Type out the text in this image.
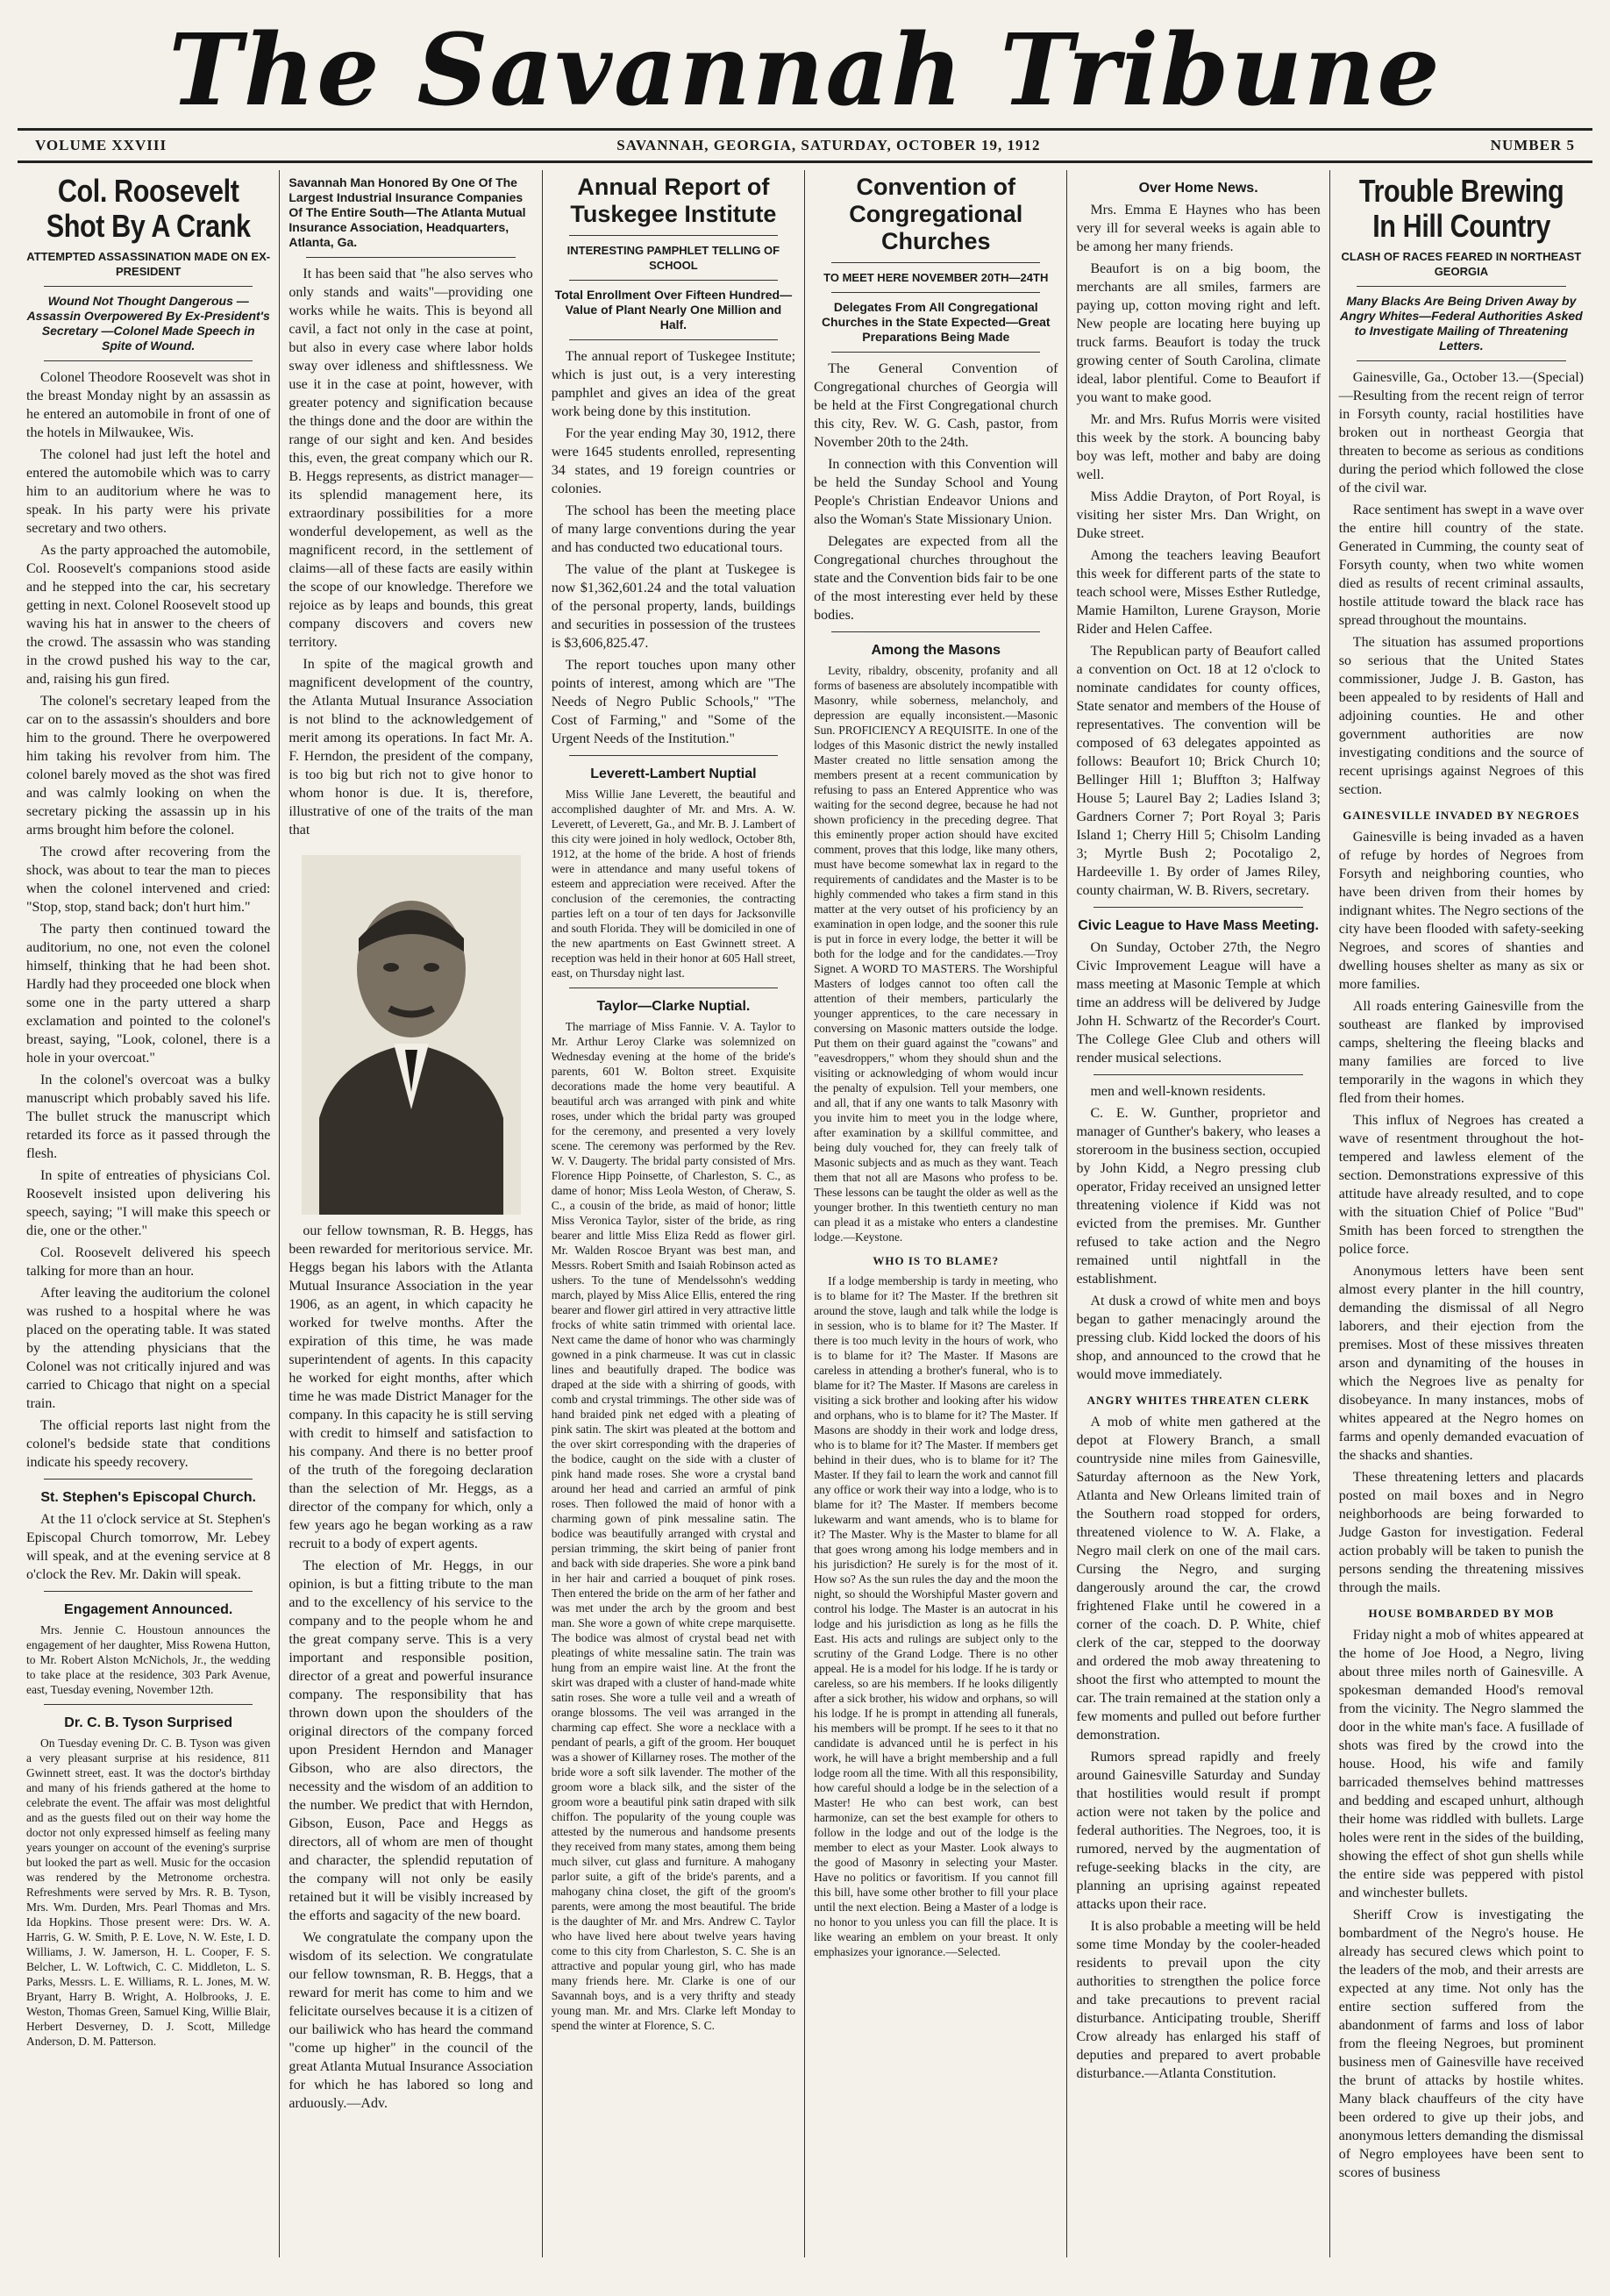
The Savannah Tribune
VOLUME XXVIII	SAVANNAH, GEORGIA, SATURDAY, OCTOBER 19, 1912	NUMBER 5
Col. Roosevelt Shot By A Crank
ATTEMPTED ASSASSINATION MADE ON EX-PRESIDENT
Wound Not Thought Dangerous — Assassin Overpowered By Ex-President's Secretary —Colonel Made Speech in Spite of Wound.

Colonel Theodore Roosevelt was shot in the breast Monday night by an assassin as he entered an automobile in front of one of the hotels in Milwaukee, Wis.

The colonel had just left the hotel and entered the automobile which was to carry him to an auditorium where he was to speak. In his party were his private secretary and two others.

As the party approached the automobile, Col. Roosevelt's companions stood aside and he stepped into the car, his secretary getting in next. Colonel Roosevelt stood up waving his hat in answer to the cheers of the crowd. The assassin who was standing in the crowd pushed his way to the car, and, raising his gun fired.

The colonel's secretary leaped from the car on to the assassin's shoulders and bore him to the ground. There he overpowered him taking his revolver from him. The colonel barely moved as the shot was fired and was calmly looking on when the secretary picking the assassin up in his arms brought him before the colonel.

The crowd after recovering from the shock, was about to tear the man to pieces when the colonel intervened and cried: "Stop, stop, stand back; don't hurt him."

The party then continued toward the auditorium, no one, not even the colonel himself, thinking that he had been shot. Hardly had they proceeded one block when some one in the party uttered a sharp exclamation and pointed to the colonel's breast, saying, "Look, colonel, there is a hole in your overcoat."

In the colonel's overcoat was a bulky manuscript which probably saved his life. The bullet struck the manuscript which retarded its force as it passed through the flesh.

In spite of entreaties of physicians Col. Roosevelt insisted upon delivering his speech, saying; "I will make this speech or die, one or the other."

Col. Roosevelt delivered his speech talking for more than an hour.

After leaving the auditorium the colonel was rushed to a hospital where he was placed on the operating table. It was stated by the attending physicians that the Colonel was not critically injured and was carried to Chicago that night on a special train.

The official reports last night from the colonel's bedside state that conditions indicate his speedy recovery.

St. Stephen's Episcopal Church.

At the 11 o'clock service at St. Stephen's Episcopal Church tomorrow, Mr. Lebey will speak, and at the evening service at 8 o'clock the Rev. Mr. Dakin will speak.

Engagement Announced.

Mrs. Jennie C. Houstoun announces the engagement of her daughter, Miss Rowena Hutton, to Mr. Robert Alston McNichols, Jr., the wedding to take place at the residence, 303 Park Avenue, east, Tuesday evening, November 12th.

Dr. C. B. Tyson Surprised

On Tuesday evening Dr. C. B. Tyson was given a very pleasant surprise at his residence, 811 Gwinnett street, east. It was the doctor's birthday and many of his friends gathered at the home to celebrate the event. The affair was most delightful and as the guests filed out on their way home the doctor not only expressed himself as feeling many years younger on account of the evening's surprise but looked the part as well. Music for the occasion was rendered by the Metronome orchestra. Refreshments were served by Mrs. R. B. Tyson, Mrs. Wm. Durden, Mrs. Pearl Thomas and Mrs. Ida Hopkins. Those present were: Drs. W. A. Harris, G. W. Smith, P. E. Love, N. W. Este, I. D. Williams, J. W. Jamerson, H. L. Cooper, F. S. Belcher, L. W. Loftwich, C. C. Middleton, L. S. Parks, Messrs. L. E. Williams, R. L. Jones, M. W. Bryant, Harry B. Wright, A. Holbrooks, J. E. Weston, Thomas Green, Samuel King, Willie Blair, Herbert Desverney, D. J. Scott, Milledge Anderson, D. M. Patterson.

Savannah Man Honored By One Of The Largest Industrial Insurance Companies Of The Entire South—The Atlanta Mutual Insurance Association, Headquarters, Atlanta, Ga.

It has been said that "he also serves who only stands and waits"—providing one works while he waits. This is beyond all cavil, a fact not only in the case at point, but also in every case where labor holds sway over idleness and shiftlessness. We use it in the case at point, however, with greater potency and signification because the things done and the door are within the range of our sight and ken. And besides this, even, the great company which our R. B. Heggs represents, as district manager—its splendid management here, its extraordinary possibilities for a more wonderful developement, as well as the magnificent record, in the settlement of claims—all of these facts are easily within the scope of our knowledge. Therefore we rejoice as by leaps and bounds, this great company discovers and covers new territory.

In spite of the magical growth and magnificent development of the country, the Atlanta Mutual Insurance Association is not blind to the acknowledgement of merit among its operations. In fact Mr. A. F. Herndon, the president of the company, is too big but rich not to give honor to whom honor is due. It is, therefore, illustrative of one of the traits of the man that

our fellow townsman, R. B. Heggs, has been rewarded for meritorious service. Mr. Heggs began his labors with the Atlanta Mutual Insurance Association in the year 1906, as an agent, in which capacity he worked for twelve months. After the expiration of this time, he was made superintendent of agents. In this capacity he worked for eight months, after which time he was made District Manager for the company. In this capacity he is still serving with credit to himself and satisfaction to his company. And there is no better proof of the truth of the foregoing declaration than the selection of Mr. Heggs, as a director of the company for which, only a few years ago he began working as a raw recruit to a body of expert agents.

The election of Mr. Heggs, in our opinion, is but a fitting tribute to the man and to the excellency of his service to the company and to the people whom he and the great company serve. This is a very important and responsible position, director of a great and powerful insurance company. The responsibility that has thrown down upon the shoulders of the original directors of the company forced upon President Herndon and Manager Gibson, who are also directors, the necessity and the wisdom of an addition to the number. We predict that with Herndon, Gibson, Euson, Pace and Heggs as directors, all of whom are men of thought and character, the splendid reputation of the company will not only be easily retained but it will be visibly increased by the efforts and sagacity of the new board.

We congratulate the company upon the wisdom of its selection. We congratulate our fellow townsman, R. B. Heggs, that a reward for merit has come to him and we felicitate ourselves because it is a citizen of our bailiwick who has heard the command "come up higher" in the council of the great Atlanta Mutual Insurance Association for which he has labored so long and arduously.—Adv.

Annual Report of Tuskegee Institute
INTERESTING PAMPHLET TELLING OF SCHOOL
Total Enrollment Over Fifteen Hundred—Value of Plant Nearly One Million and Half.

The annual report of Tuskegee Institute; which is just out, is a very interesting pamphlet and gives an idea of the great work being done by this institution.

For the year ending May 30, 1912, there were 1645 students enrolled, representing 34 states, and 19 foreign countries or colonies.

The school has been the meeting place of many large conventions during the year and has conducted two educational tours.

The value of the plant at Tuskegee is now $1,362,601.24 and the total valuation of the personal property, lands, buildings and securities in possession of the trustees is $3,606,825.47.

The report touches upon many other points of interest, among which are "The Needs of Negro Public Schools," "The Cost of Farming," and "Some of the Urgent Needs of the Institution."

Leverett-Lambert Nuptial

Miss Willie Jane Leverett, the beautiful and accomplished daughter of Mr. and Mrs. A. W. Leverett, of Leverett, Ga., and Mr. B. J. Lambert of this city were joined in holy wedlock, October 8th, 1912, at the home of the bride. A host of friends were in attendance and many useful tokens of esteem and appreciation were received. After the conclusion of the ceremonies, the contracting parties left on a tour of ten days for Jacksonville and south Florida. They will be domiciled in one of the new apartments on East Gwinnett street. A reception was held in their honor at 605 Hall street, east, on Thursday night last.

Taylor—Clarke Nuptial.

The marriage of Miss Fannie. V. A. Taylor to Mr. Arthur Leroy Clarke was solemnized on Wednesday evening at the home of the bride's parents, 601 W. Bolton street. Exquisite decorations made the home very beautiful. A beautiful arch was arranged with pink and white roses, under which the bridal party was grouped for the ceremony, and presented a very lovely scene. The ceremony was performed by the Rev. W. V. Daugerty. The bridal party consisted of Mrs. Florence Hipp Poinsette, of Charleston, S. C., as dame of honor; Miss Leola Weston, of Cheraw, S. C., a cousin of the bride, as maid of honor; little Miss Veronica Taylor, sister of the bride, as ring bearer and little Miss Eliza Redd as flower girl. Mr. Walden Roscoe Bryant was best man, and Messrs. Robert Smith and Isaiah Robinson acted as ushers. To the tune of Mendelssohn's wedding march, played by Miss Alice Ellis, entered the ring bearer and flower girl attired in very attractive little frocks of white satin trimmed with oriental lace. Next came the dame of honor who was charmingly gowned in a pink charmeuse. It was cut in classic lines and beautifully draped. The bodice was draped at the side with a shirring of goods, with comb and crystal trimmings. The other side was of hand braided pink net edged with a pleating of pink satin. The skirt was pleated at the bottom and the over skirt corresponding with the draperies of the bodice, caught on the side with a cluster of pink hand made roses. She wore a crystal band around her head and carried an armful of pink roses. Then followed the maid of honor with a charming gown of pink messaline satin. The bodice was beautifully arranged with crystal and persian trimming, the skirt being of panier front and back with side draperies. She wore a pink band in her hair and carried a bouquet of pink roses. Then entered the bride on the arm of her father and was met under the arch by the groom and best man. She wore a gown of white crepe marquisette. The bodice was almost of crystal bead net with pleatings of white messaline satin. The train was hung from an empire waist line. At the front the skirt was draped with a cluster of hand-made white satin roses. She wore a tulle veil and a wreath of orange blossoms. The veil was arranged in the charming cap effect. She wore a necklace with a pendant of pearls, a gift of the groom. Her bouquet was a shower of Killarney roses. The mother of the bride wore a soft silk lavender. The mother of the groom wore a black silk, and the sister of the groom wore a beautiful pink satin draped with silk chiffon. The popularity of the young couple was attested by the numerous and handsome presents they received from many states, among them being much silver, cut glass and furniture. A mahogany parlor suite, a gift of the bride's parents, and a mahogany china closet, the gift of the groom's parents, were among the most beautiful. The bride is the daughter of Mr. and Mrs. Andrew C. Taylor who have lived here about twelve years having come to this city from Charleston, S. C. She is an attractive and popular young girl, who has made many friends here. Mr. Clarke is one of our Savannah boys, and is a very thrifty and steady young man. Mr. and Mrs. Clarke left Monday to spend the winter at Florence, S. C.

Convention of Congregational Churches
TO MEET HERE NOVEMBER 20TH—24TH
Delegates From All Congregational Churches in the State Expected—Great Preparations Being Made

The General Convention of Congregational churches of Georgia will be held at the First Congregational church this city, Rev. W. G. Cash, pastor, from November 20th to the 24th.

In connection with this Convention will be held the Sunday School and Young People's Christian Endeavor Unions and also the Woman's State Missionary Union.

Delegates are expected from all the Congregational churches throughout the state and the Convention bids fair to be one of the most interesting ever held by these bodies.

Among the Masons

Levity, ribaldry, obscenity, profanity and all forms of baseness are absolutely incompatible with Masonry, while soberness, melancholy, and depression are equally inconsistent.—Masonic Sun. PROFICIENCY A REQUISITE. In one of the lodges of this Masonic district the newly installed Master created no little sensation among the members present at a recent communication by refusing to pass an Entered Apprentice who was waiting for the second degree, because he had not shown proficiency in the preceding degree. That this eminently proper action should have excited comment, proves that this lodge, like many others, must have become somewhat lax in regard to the requirements of candidates and the Master is to be highly commended who takes a firm stand in this matter at the very outset of his proficiency by an examination in open lodge, and the sooner this rule is put in force in every lodge, the better it will be both for the lodge and for the candidates.—Troy Signet. A WORD TO MASTERS. The Worshipful Masters of lodges cannot too often call the attention of their members, particularly the younger apprentices, to the care necessary in conversing on Masonic matters outside the lodge. Put them on their guard against the "cowans" and "eavesdroppers," whom they should shun and the visiting or acknowledging of whom would incur the penalty of expulsion. Tell your members, one and all, that if any one wants to talk Masonry with you invite him to meet you in the lodge where, after examination by a skillful committee, and being duly vouched for, they can freely talk of Masonic subjects and as much as they want. Teach them that not all are Masons who profess to be. These lessons can be taught the older as well as the younger brother. In this twentieth century no man can plead it as a mistake who enters a clandestine lodge.—Keystone.

WHO IS TO BLAME?

If a lodge membership is tardy in meeting, who is to blame for it? The Master. If the brethren sit around the stove, laugh and talk while the lodge is in session, who is to blame for it? The Master. If there is too much levity in the hours of work, who is to blame for it? The Master. If Masons are careless in attending a brother's funeral, who is to blame for it? The Master. If Masons are careless in visiting a sick brother and looking after his widow and orphans, who is to blame for it? The Master. If Masons are shoddy in their work and lodge dress, who is to blame for it? The Master. If members get behind in their dues, who is to blame for it? The Master. If they fail to learn the work and cannot fill any office or work their way into a lodge, who is to blame for it? The Master. If members become lukewarm and want amends, who is to blame for it? The Master. Why is the Master to blame for all that goes wrong among his lodge members and in his jurisdiction? He surely is for the most of it. How so? As the sun rules the day and the moon the night, so should the Worshipful Master govern and control his lodge. The Master is an autocrat in his lodge and his jurisdiction as long as he fills the East. His acts and rulings are subject only to the scrutiny of the Grand Lodge. There is no other appeal. He is a model for his lodge. If he is tardy or careless, so are his members. If he looks diligently after a sick brother, his widow and orphans, so will his lodge. If he is prompt in attending all funerals, his members will be prompt. If he sees to it that no candidate is advanced until he is perfect in his work, he will have a bright membership and a full lodge room all the time. With all this responsibility, how careful should a lodge be in the selection of a Master! He who can best work, can best harmonize, can set the best example for others to follow in the lodge and out of the lodge is the member to elect as your Master. Look always to the good of Masonry in selecting your Master. Have no politics or favoritism. If you cannot fill this bill, have some other brother to fill your place until the next election. Being a Master of a lodge is no honor to you unless you can fill the place. It is like wearing an emblem on your breast. It only emphasizes your ignorance.—Selected.

Over Home News.

Mrs. Emma E Haynes who has been very ill for several weeks is again able to be among her many friends.

Beaufort is on a big boom, the merchants are all smiles, farmers are paying up, cotton moving right and left. New people are locating here buying up truck farms. Beaufort is today the truck growing center of South Carolina, climate ideal, labor plentiful. Come to Beaufort if you want to make good.

Mr. and Mrs. Rufus Morris were visited this week by the stork. A bouncing baby boy was left, mother and baby are doing well.

Miss Addie Drayton, of Port Royal, is visiting her sister Mrs. Dan Wright, on Duke street.

Among the teachers leaving Beaufort this week for different parts of the state to teach school were, Misses Esther Rutledge, Mamie Hamilton, Lurene Grayson, Morie Rider and Helen Caffee.

The Republican party of Beaufort called a convention on Oct. 18 at 12 o'clock to nominate candidates for county offices, State senator and members of the House of representatives. The convention will be composed of 63 delegates appointed as follows: Beaufort 10; Brick Church 10; Bellinger Hill 1; Bluffton 3; Halfway House 5; Laurel Bay 2; Ladies Island 3; Gardners Corner 7; Port Royal 3; Paris Island 1; Cherry Hill 5; Chisolm Landing 3; Myrtle Bush 2; Pocotaligo 2, Hardeeville 1. By order of James Riley, county chairman, W. B. Rivers, secretary.

Civic League to Have Mass Meeting.

On Sunday, October 27th, the Negro Civic Improvement League will have a mass meeting at Masonic Temple at which time an address will be delivered by Judge John H. Schwartz of the Recorder's Court. The College Glee Club and others will render musical selections.

men and well-known residents.

C. E. W. Gunther, proprietor and manager of Gunther's bakery, who leases a storeroom in the business section, occupied by John Kidd, a Negro pressing club operator, Friday received an unsigned letter threatening violence if Kidd was not evicted from the premises. Mr. Gunther refused to take action and the Negro remained until nightfall in the establishment.

At dusk a crowd of white men and boys began to gather menacingly around the pressing club. Kidd locked the doors of his shop, and announced to the crowd that he would move immediately.

ANGRY WHITES THREATEN CLERK

A mob of white men gathered at the depot at Flowery Branch, a small countryside nine miles from Gainesville, Saturday afternoon as the New York, Atlanta and New Orleans limited train of the Southern road stopped for orders, threatened violence to W. A. Flake, a Negro mail clerk on one of the mail cars. Cursing the Negro, and surging dangerously around the car, the crowd frightened Flake until he cowered in a corner of the coach. D. P. White, chief clerk of the car, stepped to the doorway and ordered the mob away threatening to shoot the first who attempted to mount the car. The train remained at the station only a few moments and pulled out before further demonstration.

Rumors spread rapidly and freely around Gainesville Saturday and Sunday that hostilities would result if prompt action were not taken by the police and federal authorities. The Negroes, too, it is rumored, nerved by the augmentation of refuge-seeking blacks in the city, are planning an uprising against repeated attacks upon their race.

It is also probable a meeting will be held some time Monday by the cooler-headed residents to prevail upon the city authorities to strengthen the police force and take precautions to prevent racial disturbance. Anticipating trouble, Sheriff Crow already has enlarged his staff of deputies and prepared to avert probable disturbance.—Atlanta Constitution.

Trouble Brewing In Hill Country
CLASH OF RACES FEARED IN NORTHEAST GEORGIA
Many Blacks Are Being Driven Away by Angry Whites—Federal Authorities Asked to Investigate Mailing of Threatening Letters.

Gainesville, Ga., October 13.—(Special)—Resulting from the recent reign of terror in Forsyth county, racial hostilities have broken out in northeast Georgia that threaten to become as serious as conditions during the period which followed the close of the civil war.

Race sentiment has swept in a wave over the entire hill country of the state. Generated in Cumming, the county seat of Forsyth county, when two white women died as results of recent criminal assaults, hostile attitude toward the black race has spread throughout the mountains.

The situation has assumed proportions so serious that the United States commissioner, Judge J. B. Gaston, has been appealed to by residents of Hall and adjoining counties. He and other government authorities are now investigating conditions and the source of recent uprisings against Negroes of this section.

GAINESVILLE INVADED BY NEGROES

Gainesville is being invaded as a haven of refuge by hordes of Negroes from Forsyth and neighboring counties, who have been driven from their homes by indignant whites. The Negro sections of the city have been flooded with safety-seeking Negroes, and scores of shanties and dwelling houses shelter as many as six or more families.

All roads entering Gainesville from the southeast are flanked by improvised camps, sheltering the fleeing blacks and many families are forced to live temporarily in the wagons in which they fled from their homes.

This influx of Negroes has created a wave of resentment throughout the hot-tempered and lawless element of the section. Demonstrations expressive of this attitude have already resulted, and to cope with the situation Chief of Police "Bud" Smith has been forced to strengthen the police force.

Anonymous letters have been sent almost every planter in the hill country, demanding the dismissal of all Negro laborers, and their ejection from the premises. Most of these missives threaten arson and dynamiting of the houses in which the Negroes live as penalty for disobeyance. In many instances, mobs of whites appeared at the Negro homes on farms and openly demanded evacuation of the shacks and shanties.

These threatening letters and placards posted on mail boxes and in Negro neighborhoods are being forwarded to Judge Gaston for investigation. Federal action probably will be taken to punish the persons sending the threatening missives through the mails.

HOUSE BOMBARDED BY MOB

Friday night a mob of whites appeared at the home of Joe Hood, a Negro, living about three miles north of Gainesville. A spokesman demanded Hood's removal from the vicinity. The Negro slammed the door in the white man's face. A fusillade of shots was fired by the crowd into the house. Hood, his wife and family barricaded themselves behind mattresses and bedding and escaped unhurt, although their home was riddled with bullets. Large holes were rent in the sides of the building, showing the effect of shot gun shells while the entire side was peppered with pistol and winchester bullets.

Sheriff Crow is investigating the bombardment of the Negro's house. He already has secured clews which point to the leaders of the mob, and their arrests are expected at any time. Not only has the entire section suffered from the abandonment of farms and loss of labor from the fleeing Negroes, but prominent business men of Gainesville have received the brunt of attacks by hostile whites. Many black chauffeurs of the city have been ordered to give up their jobs, and anonymous letters demanding the dismissal of Negro employees have been sent to scores of business
